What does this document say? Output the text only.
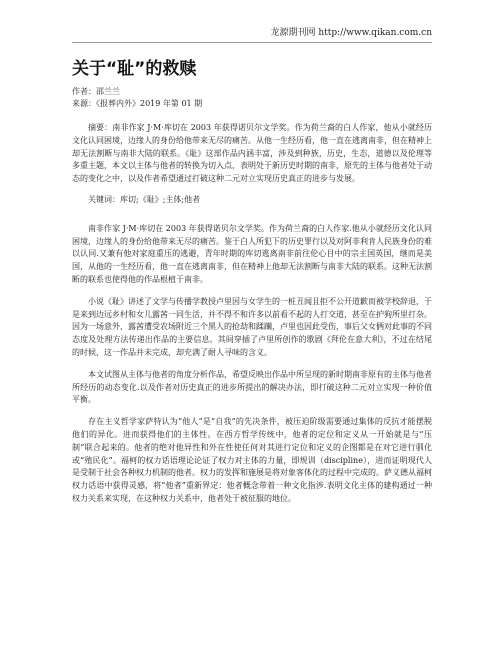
龙源期刊网 http://www.qikan.com.cn
关于“耻”的救赎

作者：邵兰兰

来源：《报葬内外》2019 年第 01 期

摘要：南非作家 J·M·库切在 2003 年获得诺贝尔文学奖。作为荷兰裔的白人作家，他从小就经历文化认同困境，边缘人的身份给他带来无尽的痛苦。从他一生经历看，他一直在逃离南非，但在精神上却无法割断与南非大陆的联系。《耻》这部作品内涵丰富，涉及到种族，历史，生态，道德以及伦理等多重主题，本文以主体与他者的转换为切入点，表明处于新历史时期的南非，原先的主体与他者处于动态的变化之中，以及作者希望通过打破这种二元对立实现历史真正的进步与发展。

关键词：库切;《耻》;主体;他者

南非作家 J·M·库切在 2003 年获得诺贝尔文学奖。作为荷兰裔的白人作家.他从小就经历文化认同困境，边缘人的身份给他带来无尽的痛苦。鉴于白人所犯下的历史罪行以及对阿非利肯人民族身份的难以认同.又兼有他对家庭重压的逃避，青年时期的库切逃离南非前往伦心目中的宗主国英国，继而是美国，从他的一生经历看，他一直在逃离南非，但在精神上他却无法割断与南非大陆的联系。这种无法割断的联系也使得他的作品根植于南非。

小说《耻》讲述了文学与传播学教授卢里因与女学生的一桩丑闻且拒不公开道歉而被学校辞退，于是来到边远乡村和女儿露茜一同生活，并不得不和许多以前看不起的人打交道，甚至在护狗所里打杂。因为一场意外，露茜遭受农场附近三个黑人的抢劫和蹂躏，卢里也因此受伤，事后父女俩对此事的不同态度及处理方法传递出作品的主要信息。其间穿插了卢里所创作的歌剧《拜伦在意大利》，不过在结尾的时候，这一作品并未完成，却充满了耐人寻味的含义。

本文试图从主体与他者的角度分析作品，希望反映出作品中所呈现的新时期南非原有的主体与他者所经历的动态变化.以及作者对历史真正的进步所提出的解决办法，即打破这种二元对立实现一种价值平衡。

存在主义哲学家萨特认为“他人”是“自我”的先决条件，被压迫阶级需要通过集体的反抗才能摆脱他们的异化。进而获得他们的主体性。在西方哲学传统中，他者的定位和定义从一开始就是与“压制”联合起来的。他者的绝对他异性和外在性使任何对其进行定位和定义的企图都是在对它进行驯化或“殖民化”。福柯的权力话语理论论证了权力对主体的力量，即规训（discipline），进而证明现代人是受制于社会各种权力机制的他者。权力的发挥和施展是将对象客体化的过程中完成的。萨义德从福柯权力话语中获得灵感，将“他者”重新界定：他者概念带着一种文化指涉.表明文化主体的建构通过一种权力关系来实现，在这种权力关系中，他者处于被征服的地位。
